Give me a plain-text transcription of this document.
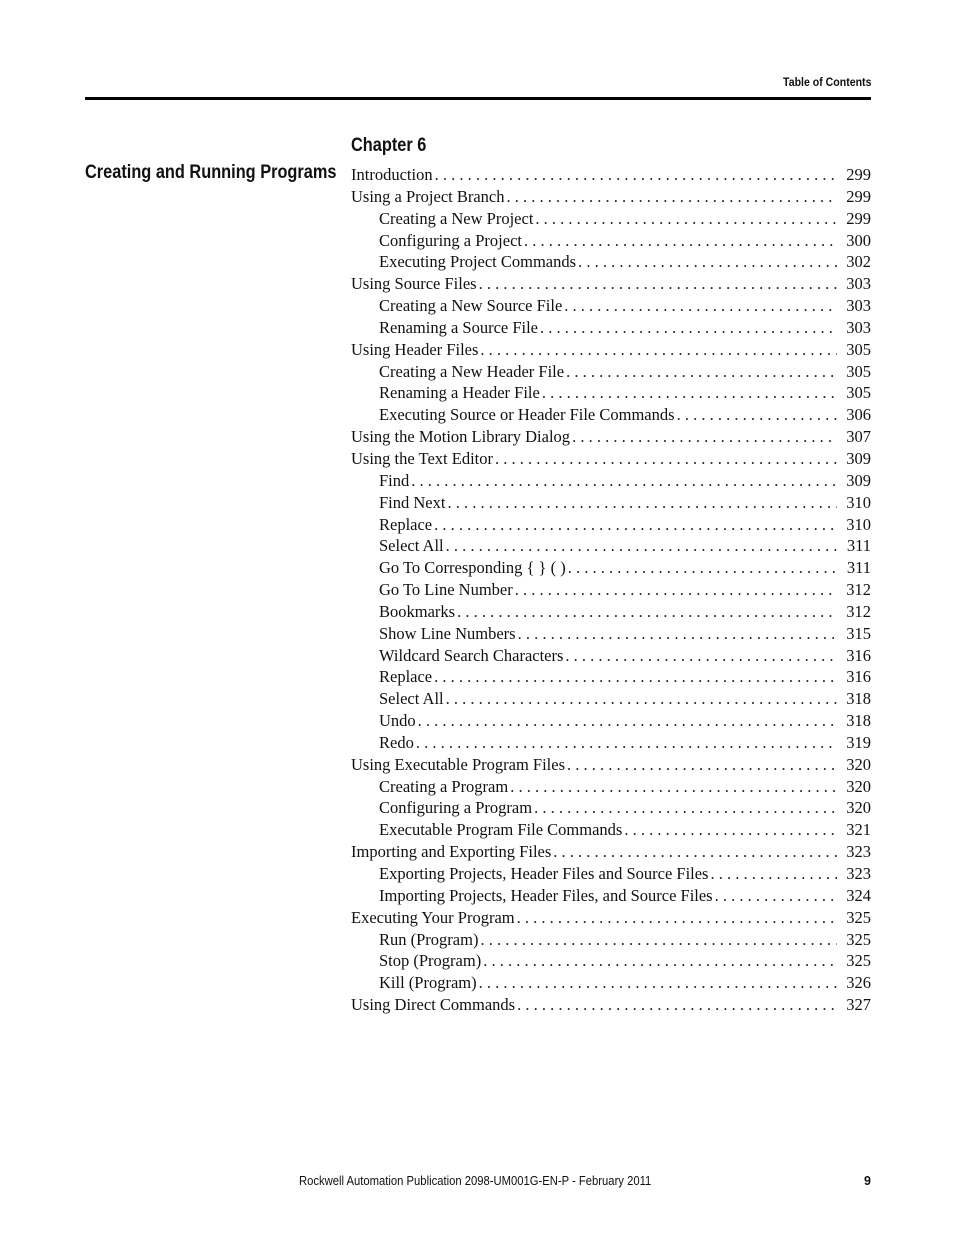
Table of Contents
Chapter 6
Creating and Running Programs Introduction . . .	299
Using a Project Branch . . .	299
Creating a New Project . . .	299
Configuring a Project . . .	300
Executing Project Commands . . .	302
Using Source Files . . .	303
Creating a New Source File . . .	303
Renaming a Source File . . .	303
Using Header Files . . .	305
Creating a New Header File . . .	305
Renaming a Header File . . .	305
Executing Source or Header File Commands . . .	306
Using the Motion Library Dialog . . .	307
Using the Text Editor . . .	309
Find . . .	309
Find Next . . .	310
Replace . . .	310
Select All . . .	311
Go To Corresponding { } ( ) . . .	311
Go To Line Number . . .	312
Bookmarks . . .	312
Show Line Numbers . . .	315
Wildcard Search Characters . . .	316
Replace . . .	316
Select All . . .	318
Undo . . .	318
Redo . . .	319
Using Executable Program Files . . .	320
Creating a Program . . .	320
Configuring a Program . . .	320
Executable Program File Commands . . .	321
Importing and Exporting Files . . .	323
Exporting Projects, Header Files and Source Files . . .	323
Importing Projects, Header Files, and Source Files . . .	324
Executing Your Program . . .	325
Run (Program) . . .	325
Stop (Program) . . .	325
Kill (Program) . . .	326
Using Direct Commands . . .	327
Rockwell Automation Publication 2098-UM001G-EN-P - February 2011	9
